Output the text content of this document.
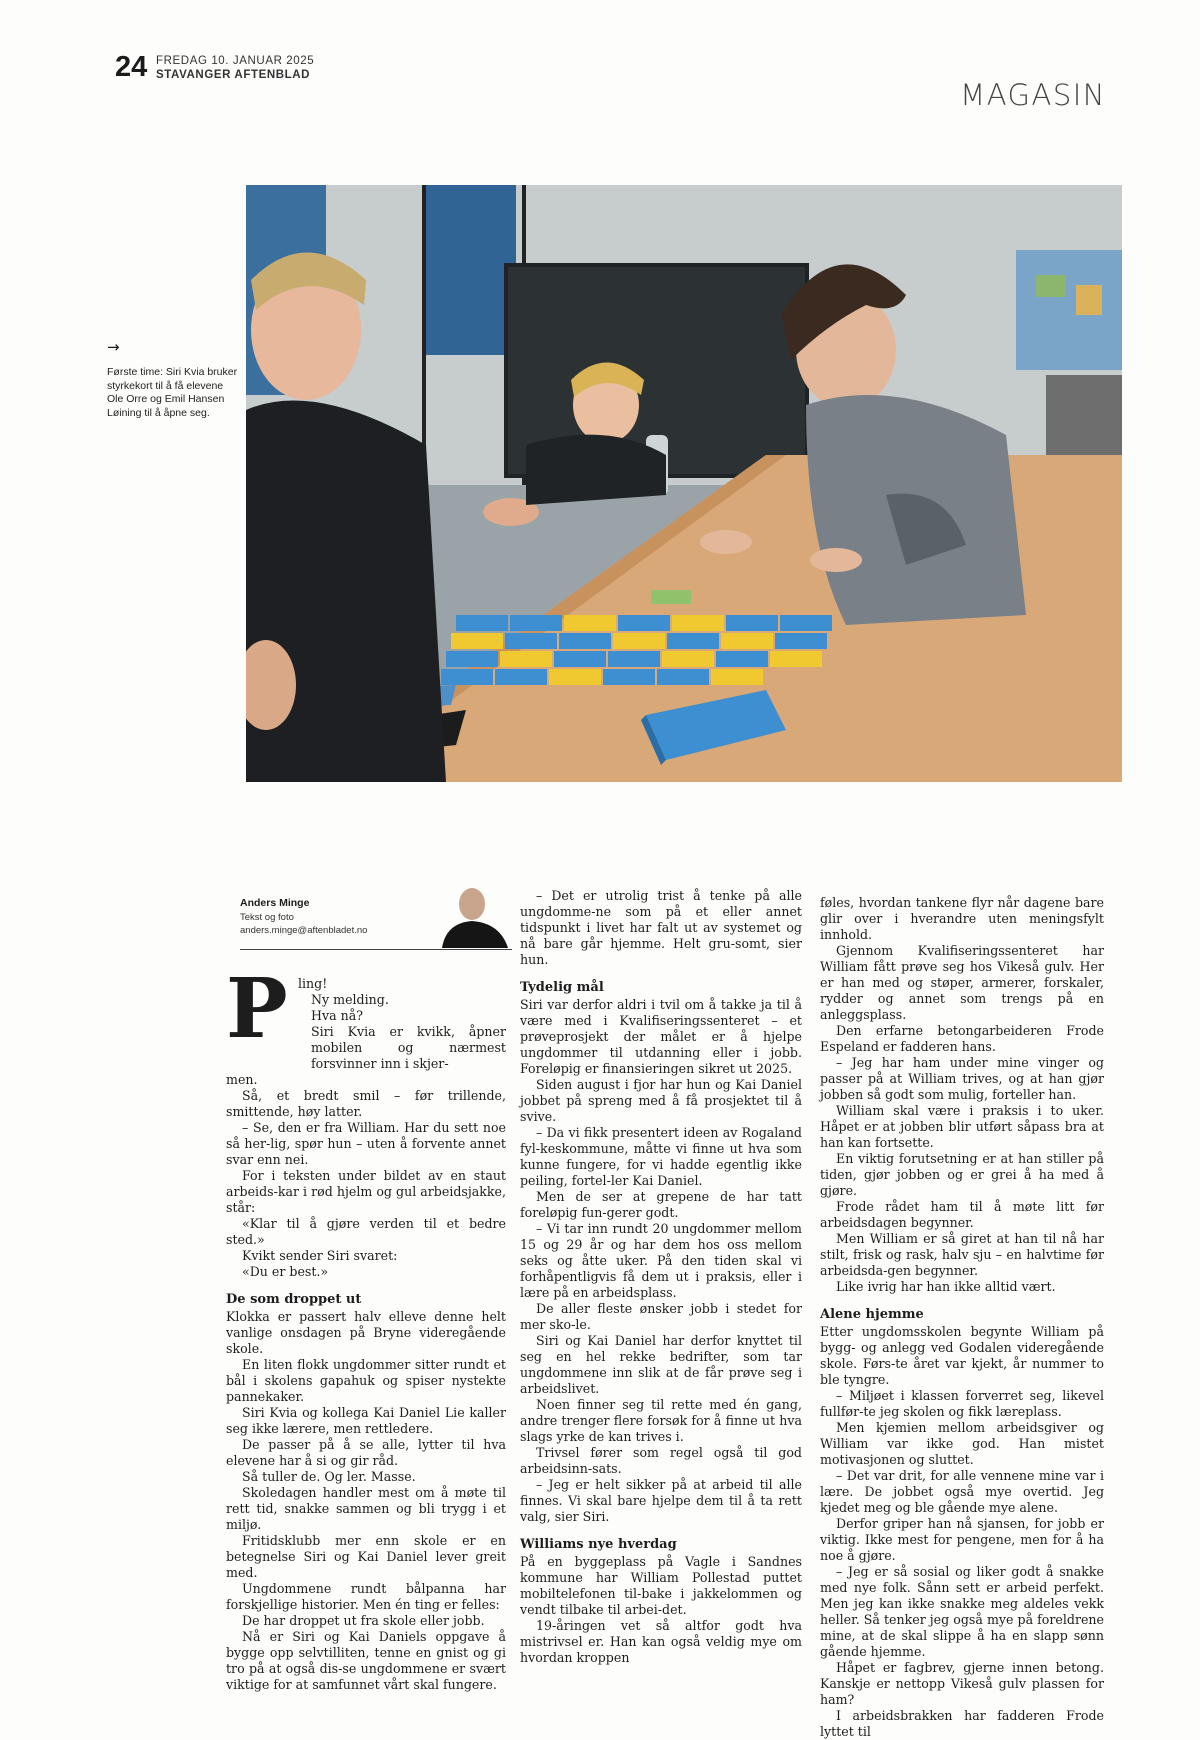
24 FREDAG 10. JANUAR 2025
STAVANGER AFTENBLAD
MAGASIN
→
Første time: Siri Kvia bruker styrkekort til å få elevene Ole Orre og Emil Hansen Løining til å åpne seg.
Anders Minge
Tekst og foto
anders.minge@aftenbladet.no
P ling!

Ny melding.

Hva nå?

Siri Kvia er kvikk, åpner mobilen og nærmest forsvinner inn i skjer-

men.

Så, et bredt smil – før trillende, smittende, høy latter.

– Se, den er fra William. Har du sett noe så her-lig, spør hun – uten å forvente annet svar enn nei.

For i teksten under bildet av en staut arbeids-kar i rød hjelm og gul arbeidsjakke, står:

«Klar til å gjøre verden til et bedre sted.»

Kvikt sender Siri svaret:

«Du er best.»

De som droppet ut

Klokka er passert halv elleve denne helt vanlige onsdagen på Bryne videregående skole.

En liten flokk ungdommer sitter rundt et bål i skolens gapahuk og spiser nystekte pannekaker.

Siri Kvia og kollega Kai Daniel Lie kaller seg ikke lærere, men rettledere.

De passer på å se alle, lytter til hva elevene har å si og gir råd.

Så tuller de. Og ler. Masse.

Skoledagen handler mest om å møte til rett tid, snakke sammen og bli trygg i et miljø.

Fritidsklubb mer enn skole er en betegnelse Siri og Kai Daniel lever greit med.

Ungdommene rundt bålpanna har forskjellige historier. Men én ting er felles:

De har droppet ut fra skole eller jobb.

Nå er Siri og Kai Daniels oppgave å bygge opp selvtilliten, tenne en gnist og gi tro på at også dis-se ungdommene er svært viktige for at samfunnet vårt skal fungere.

– Det er utrolig trist å tenke på alle ungdomme-ne som på et eller annet tidspunkt i livet har falt ut av systemet og nå bare går hjemme. Helt gru-somt, sier hun.

Tydelig mål

Siri var derfor aldri i tvil om å takke ja til å være med i Kvalifiseringssenteret – et prøveprosjekt der målet er å hjelpe ungdommer til utdanning eller i jobb. Foreløpig er finansieringen sikret ut 2025.

Siden august i fjor har hun og Kai Daniel jobbet på spreng med å få prosjektet til å svive.

– Da vi fikk presentert ideen av Rogaland fyl-keskommune, måtte vi finne ut hva som kunne fungere, for vi hadde egentlig ikke peiling, fortel-ler Kai Daniel.

Men de ser at grepene de har tatt foreløpig fun-gerer godt.

– Vi tar inn rundt 20 ungdommer mellom 15 og 29 år og har dem hos oss mellom seks og åtte uker. På den tiden skal vi forhåpentligvis få dem ut i praksis, eller i lære på en arbeidsplass.

De aller fleste ønsker jobb i stedet for mer sko-le.

Siri og Kai Daniel har derfor knyttet til seg en hel rekke bedrifter, som tar ungdommene inn slik at de får prøve seg i arbeidslivet.

Noen finner seg til rette med én gang, andre trenger flere forsøk for å finne ut hva slags yrke de kan trives i.

Trivsel fører som regel også til god arbeidsinn-sats.

– Jeg er helt sikker på at arbeid til alle finnes. Vi skal bare hjelpe dem til å ta rett valg, sier Siri.

Williams nye hverdag

På en byggeplass på Vagle i Sandnes kommune har William Pollestad puttet mobiltelefonen til-bake i jakkelommen og vendt tilbake til arbei-det.

19-åringen vet så altfor godt hva mistrivsel er. Han kan også veldig mye om hvordan kroppen

føles, hvordan tankene flyr når dagene bare glir over i hverandre uten meningsfylt innhold.

Gjennom Kvalifiseringssenteret har William fått prøve seg hos Vikeså gulv. Her er han med og støper, armerer, forskaler, rydder og annet som trengs på en anleggsplass.

Den erfarne betongarbeideren Frode Espeland er fadderen hans.

– Jeg har ham under mine vinger og passer på at William trives, og at han gjør jobben så godt som mulig, forteller han.

William skal være i praksis i to uker. Håpet er at jobben blir utført såpass bra at han kan fortsette.

En viktig forutsetning er at han stiller på tiden, gjør jobben og er grei å ha med å gjøre.

Frode rådet ham til å møte litt før arbeidsdagen begynner.

Men William er så giret at han til nå har stilt, frisk og rask, halv sju – en halvtime før arbeidsda-gen begynner.

Like ivrig har han ikke alltid vært.

Alene hjemme

Etter ungdomsskolen begynte William på bygg- og anlegg ved Godalen videregående skole. Førs-te året var kjekt, år nummer to ble tyngre.

– Miljøet i klassen forverret seg, likevel fullfør-te jeg skolen og fikk læreplass.

Men kjemien mellom arbeidsgiver og William var ikke god. Han mistet motivasjonen og sluttet.

– Det var drit, for alle vennene mine var i lære. De jobbet også mye overtid. Jeg kjedet meg og ble gående mye alene.

Derfor griper han nå sjansen, for jobb er viktig. Ikke mest for pengene, men for å ha noe å gjøre.

– Jeg er så sosial og liker godt å snakke med nye folk. Sånn sett er arbeid perfekt. Men jeg kan ikke snakke meg aldeles vekk heller. Så tenker jeg også mye på foreldrene mine, at de skal slippe å ha en slapp sønn gående hjemme.

Håpet er fagbrev, gjerne innen betong. Kanskje er nettopp Vikeså gulv plassen for ham?

I arbeidsbrakken har fadderen Frode lyttet til
